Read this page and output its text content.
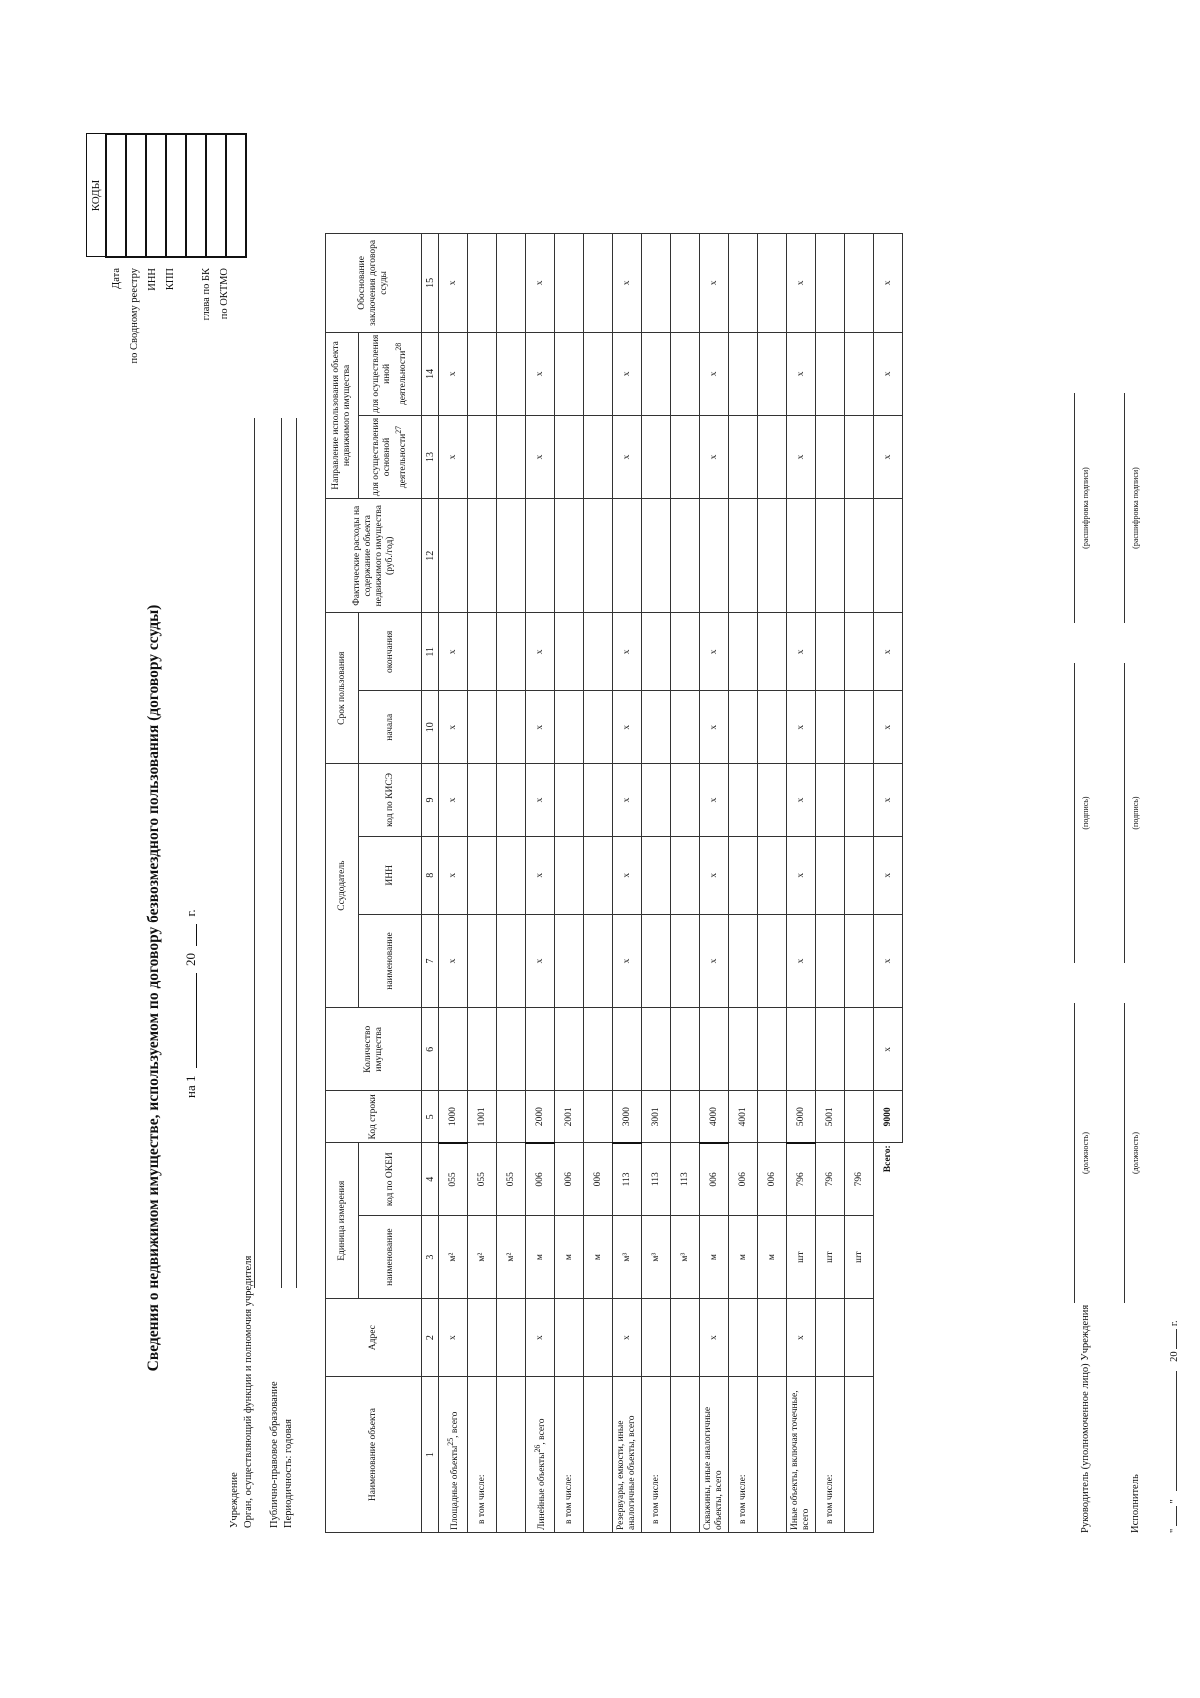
Сведения о недвижимом имуществе, используемом по договору безвозмездного пользования (договору ссуды) на 1  20  г.
Учреждение Орган, осуществляющий функции и полномочия учредителя	Публично-правовое образование Периодичность: годовая
Дата по Сводному реестру ИНН КПП	глава по БК по ОКТМО
КОДЫ

Наименование объекта	Адрес	Единица измерения		Код строки	Количество имущества	Ссудодатель			Срок пользования		Фактические расходы на содержание объекта недвижимого имущества (руб./год)	Направление использования объекта недвижимого имущества		Обоснование заключения договора ссуды
		наименование	код по ОКЕИ			наименование	ИНН	код по КИСЭ	начала	окончания		для осуществления основной деятельности$^{27}$	для осуществления иной деятельности$^{28}$
1	2	3	4	5	6	7	8	9	10	11	12	13	14	15
Площадные объекты$^{25}$, всего	x	м²	055	1000		x	x	x	x	x		x	x	x
в том числе:		м²	055	1001										
		м²	055											
Линейные объекты$^{26}$, всего	x	м	006	2000		x	x	x	x	x		x	x	x
в том числе:		м	006	2001										
		м	006											
Резервуары, емкости, иные аналогичные объекты, всего	x	м³	113	3000		x	x	x	x	x		x	x	x
в том числе:		м³	113	3001										
		м³	113											
Скважины, иные аналогичные объекты, всего	x	м	006	4000		x	x	x	x	x		x	x	x
в том числе:		м	006	4001										
		м	006											
Иные объекты, включая точечные, всего	x	шт	796	5000		x	x	x	x	x		x	x	x
в том числе:		шт	796	5001										
		шт	796											
Всего:				9000	x	x	x	x	x	x		x	x	x
Руководитель (уполномоченное лицо) Учреждения
(должность)
(подпись)
(расшифровка подписи)
Исполнитель
(должность)
(подпись)
(расшифровка подписи)
"  "  20  г.
